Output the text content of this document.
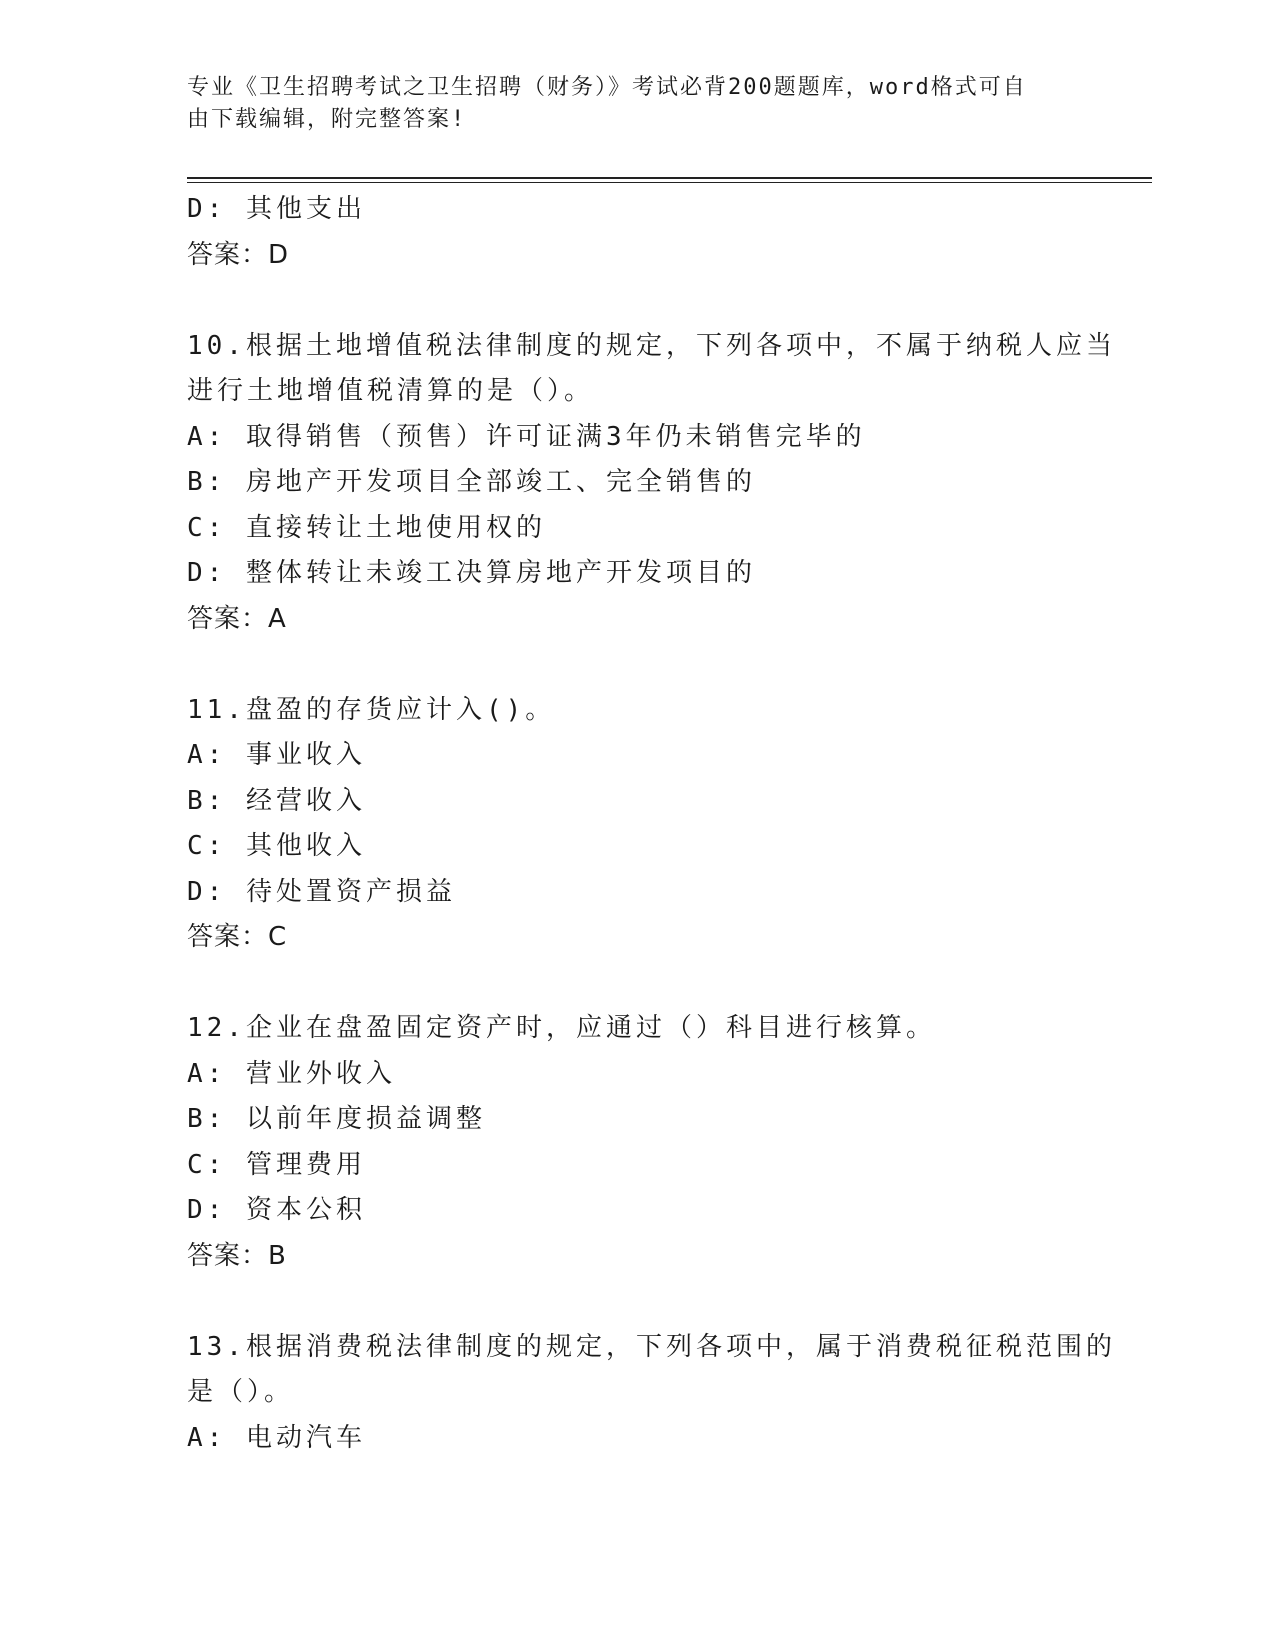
专业《卫生招聘考试之卫生招聘（财务）》考试必背200题题库，word格式可自
由下载编辑，附完整答案!
D: 其他支出
答案：D
10.根据土地增值税法律制度的规定，下列各项中，不属于纳税人应当
进行土地增值税清算的是（）。
A: 取得销售（预售）许可证满3年仍未销售完毕的
B: 房地产开发项目全部竣工、完全销售的
C: 直接转让土地使用权的
D: 整体转让未竣工决算房地产开发项目的
答案：A
11.盘盈的存货应计入()。
A: 事业收入
B: 经营收入
C: 其他收入
D: 待处置资产损益
答案：C
12.企业在盘盈固定资产时，应通过（）科目进行核算。
A: 营业外收入
B: 以前年度损益调整
C: 管理费用
D: 资本公积
答案：B
13.根据消费税法律制度的规定，下列各项中，属于消费税征税范围的
是（）。
A: 电动汽车
